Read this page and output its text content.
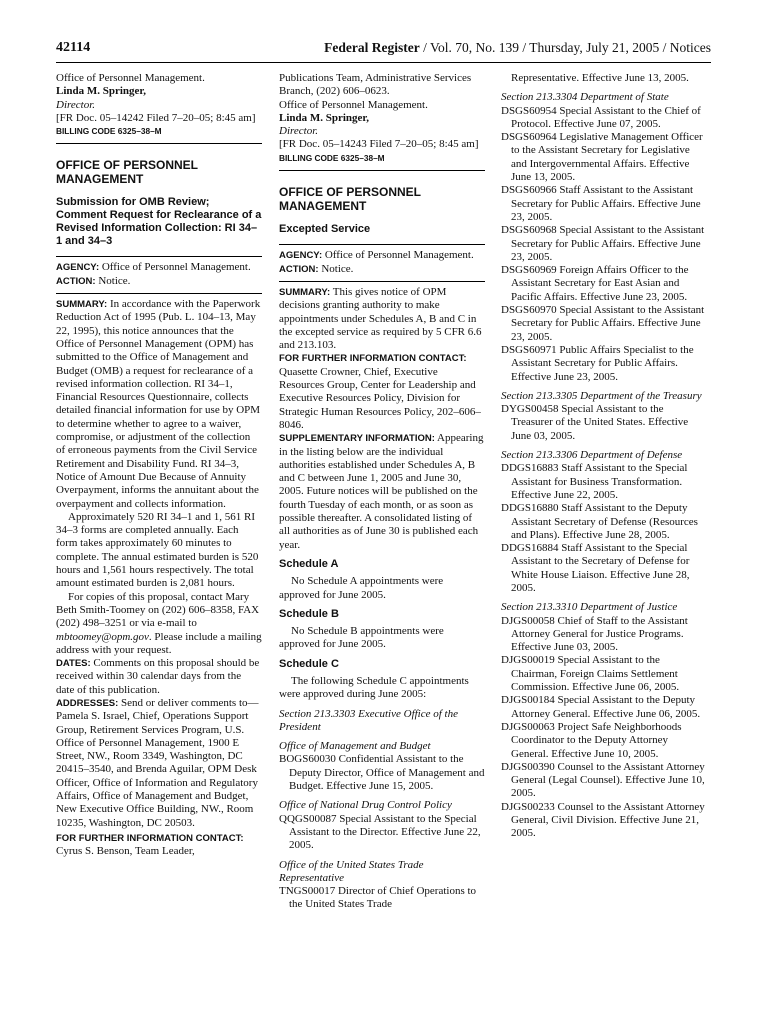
42114	Federal Register / Vol. 70, No. 139 / Thursday, July 21, 2005 / Notices

Office of Personnel Management.

Linda M. Springer,

Director.

[FR Doc. 05–14242 Filed 7–20–05; 8:45 am]

BILLING CODE 6325–38–M

OFFICE OF PERSONNEL MANAGEMENT

Submission for OMB Review; Comment Request for Reclearance of a Revised Information Collection: RI 34–1 and 34–3

AGENCY: Office of Personnel Management.

ACTION: Notice.

SUMMARY: In accordance with the Paperwork Reduction Act of 1995 (Pub. L. 104–13, May 22, 1995), this notice announces that the Office of Personnel Management (OPM) has submitted to the Office of Management and Budget (OMB) a request for reclearance of a revised information collection. RI 34–1, Financial Resources Questionnaire, collects detailed financial information for use by OPM to determine whether to agree to a waiver, compromise, or adjustment of the collection of erroneous payments from the Civil Service Retirement and Disability Fund. RI 34–3, Notice of Amount Due Because of Annuity Overpayment, informs the annuitant about the overpayment and collects information.

Approximately 520 RI 34–1 and 1, 561 RI 34–3 forms are completed annually. Each form takes approximately 60 minutes to complete. The annual estimated burden is 520 hours and 1,561 hours respectively. The total amount estimated burden is 2,081 hours.

For copies of this proposal, contact Mary Beth Smith-Toomey on (202) 606–8358, FAX (202) 498–3251 or via e-mail to mbtoomey@opm.gov. Please include a mailing address with your request.

DATES: Comments on this proposal should be received within 30 calendar days from the date of this publication.

ADDRESSES: Send or deliver comments to—Pamela S. Israel, Chief, Operations Support Group, Retirement Services Program, U.S. Office of Personnel Management, 1900 E Street, NW., Room 3349, Washington, DC 20415–3540, and Brenda Aguilar, OPM Desk Officer, Office of Information and Regulatory Affairs, Office of Management and Budget, New Executive Office Building, NW., Room 10235, Washington, DC 20503.

FOR FURTHER INFORMATION CONTACT:

Cyrus S. Benson, Team Leader,

Publications Team, Administrative Services Branch, (202) 606–0623.

Office of Personnel Management.

Linda M. Springer,

Director.

[FR Doc. 05–14243 Filed 7–20–05; 8:45 am]

BILLING CODE 6325–38–M

OFFICE OF PERSONNEL MANAGEMENT

Excepted Service

AGENCY: Office of Personnel Management.

ACTION: Notice.

SUMMARY: This gives notice of OPM decisions granting authority to make appointments under Schedules A, B and C in the excepted service as required by 5 CFR 6.6 and 213.103.

FOR FURTHER INFORMATION CONTACT:

Quasette Crowner, Chief, Executive Resources Group, Center for Leadership and Executive Resources Policy, Division for Strategic Human Resources Policy, 202–606–8046.

SUPPLEMENTARY INFORMATION: Appearing in the listing below are the individual authorities established under Schedules A, B and C between June 1, 2005 and June 30, 2005. Future notices will be published on the fourth Tuesday of each month, or as soon as possible thereafter. A consolidated listing of all authorities as of June 30 is published each year.

Schedule A

No Schedule A appointments were approved for June 2005.

Schedule B

No Schedule B appointments were approved for June 2005.

Schedule C

The following Schedule C appointments were approved during June 2005:

Section 213.3303 Executive Office of the President

Office of Management and Budget

BOGS60030 Confidential Assistant to the Deputy Director, Office of Management and Budget. Effective June 15, 2005.

Office of National Drug Control Policy

QQGS00087 Special Assistant to the Special Assistant to the Director. Effective June 22, 2005.

Office of the United States Trade Representative

TNGS00017 Director of Chief Operations to the United States Trade

Representative. Effective June 13, 2005.

Section 213.3304 Department of State

DSGS60954 Special Assistant to the Chief of Protocol. Effective June 07, 2005.

DSGS60964 Legislative Management Officer to the Assistant Secretary for Legislative and Intergovernmental Affairs. Effective June 13, 2005.

DSGS60966 Staff Assistant to the Assistant Secretary for Public Affairs. Effective June 23, 2005.

DSGS60968 Special Assistant to the Assistant Secretary for Public Affairs. Effective June 23, 2005.

DSGS60969 Foreign Affairs Officer to the Assistant Secretary for East Asian and Pacific Affairs. Effective June 23, 2005.

DSGS60970 Special Assistant to the Assistant Secretary for Public Affairs. Effective June 23, 2005.

DSGS60971 Public Affairs Specialist to the Assistant Secretary for Public Affairs. Effective June 23, 2005.

Section 213.3305 Department of the Treasury

DYGS00458 Special Assistant to the Treasurer of the United States. Effective June 03, 2005.

Section 213.3306 Department of Defense

DDGS16883 Staff Assistant to the Special Assistant for Business Transformation. Effective June 22, 2005.

DDGS16880 Staff Assistant to the Deputy Assistant Secretary of Defense (Resources and Plans). Effective June 28, 2005.

DDGS16884 Staff Assistant to the Special Assistant to the Secretary of Defense for White House Liaison. Effective June 28, 2005.

Section 213.3310 Department of Justice

DJGS00058 Chief of Staff to the Assistant Attorney General for Justice Programs. Effective June 03, 2005.

DJGS00019 Special Assistant to the Chairman, Foreign Claims Settlement Commission. Effective June 06, 2005.

DJGS00184 Special Assistant to the Deputy Attorney General. Effective June 06, 2005.

DJGS00063 Project Safe Neighborhoods Coordinator to the Deputy Attorney General. Effective June 10, 2005.

DJGS00390 Counsel to the Assistant Attorney General (Legal Counsel). Effective June 10, 2005.

DJGS00233 Counsel to the Assistant Attorney General, Civil Division. Effective June 21, 2005.
